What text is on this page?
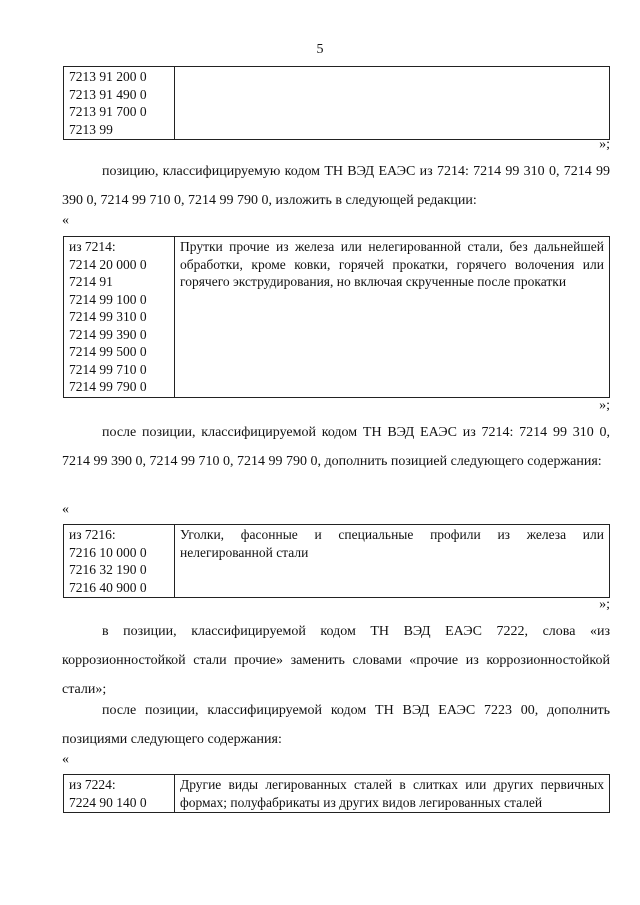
5
7213 91 200 0
7213 91 490 0
7213 91 700 0
7213 99

»;

позицию, классифицируемую кодом ТН ВЭД ЕАЭС из 7214: 7214 99 310 0, 7214 99 390 0, 7214 99 710 0, 7214 99 790 0, изложить в следующей редакции:

«
из 7214:
7214 20 000 0
7214 91
7214 99 100 0
7214 99 310 0
7214 99 390 0
7214 99 500 0
7214 99 710 0
7214 99 790 0
	Прутки прочие из железа или нелегированной стали, без дальнейшей обработки, кроме ковки, горячей прокатки, горячего волочения или горячего экструдирования, но включая скрученные после прокатки
»;

после позиции, классифицируемой кодом ТН ВЭД ЕАЭС из 7214: 7214 99 310 0, 7214 99 390 0, 7214 99 710 0, 7214 99 790 0, дополнить позицией следующего содержания:

«
из 7216:
7216 10 000 0
7216 32 190 0
7216 40 900 0
	Уголки, фасонные и специальные профили из железа или нелегированной стали
»;

в позиции, классифицируемой кодом ТН ВЭД ЕАЭС 7222, слова «из коррозионностойкой стали прочие» заменить словами «прочие из коррозионностойкой стали»;

после позиции, классифицируемой кодом ТН ВЭД ЕАЭС 7223 00, дополнить позициями следующего содержания:

«
из 7224:
7224 90 140 0
	Другие виды легированных сталей в слитках или других первичных формах; полуфабрикаты из других видов легированных сталей
